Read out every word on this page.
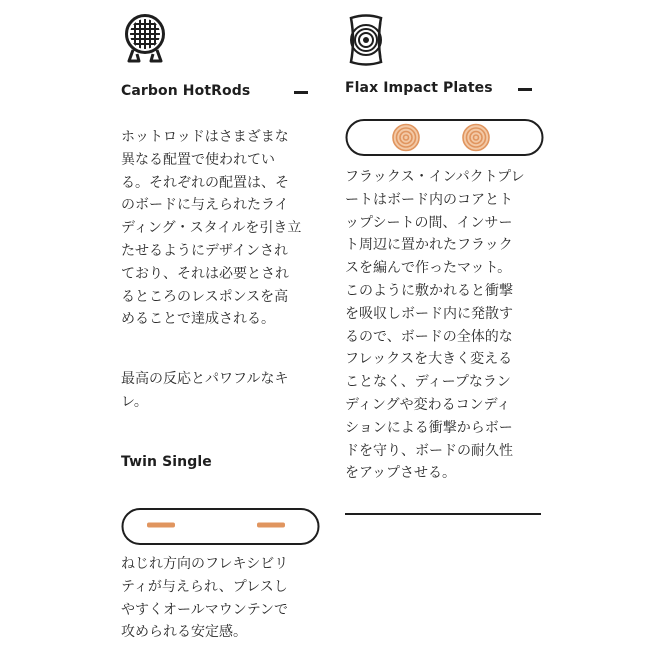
Carbon HotRods
ホットロッドはさまざまな
異なる配置で使われてい
る。それぞれの配置は、そ
のボードに与えられたライ
ディング・スタイルを引き立
たせるようにデザインされ
ており、それは必要とされ
るところのレスポンスを高
めることで達成される。
最高の反応とパワフルなキ
レ。
Twin Single
ねじれ方向のフレキシビリ
ティが与えられ、プレスし
やすくオールマウンテンで
攻められる安定感。
Flax Impact Plates
フラックス・インパクトプレ
ートはボード内のコアとト
ップシートの間、インサー
ト周辺に置かれたフラック
スを編んで作ったマット。
このように敷かれると衝撃
を吸収しボード内に発散す
るので、ボードの全体的な
フレックスを大きく変える
ことなく、ディープなラン
ディングや変わるコンディ
ションによる衝撃からボー
ドを守り、ボードの耐久性
をアップさせる。
